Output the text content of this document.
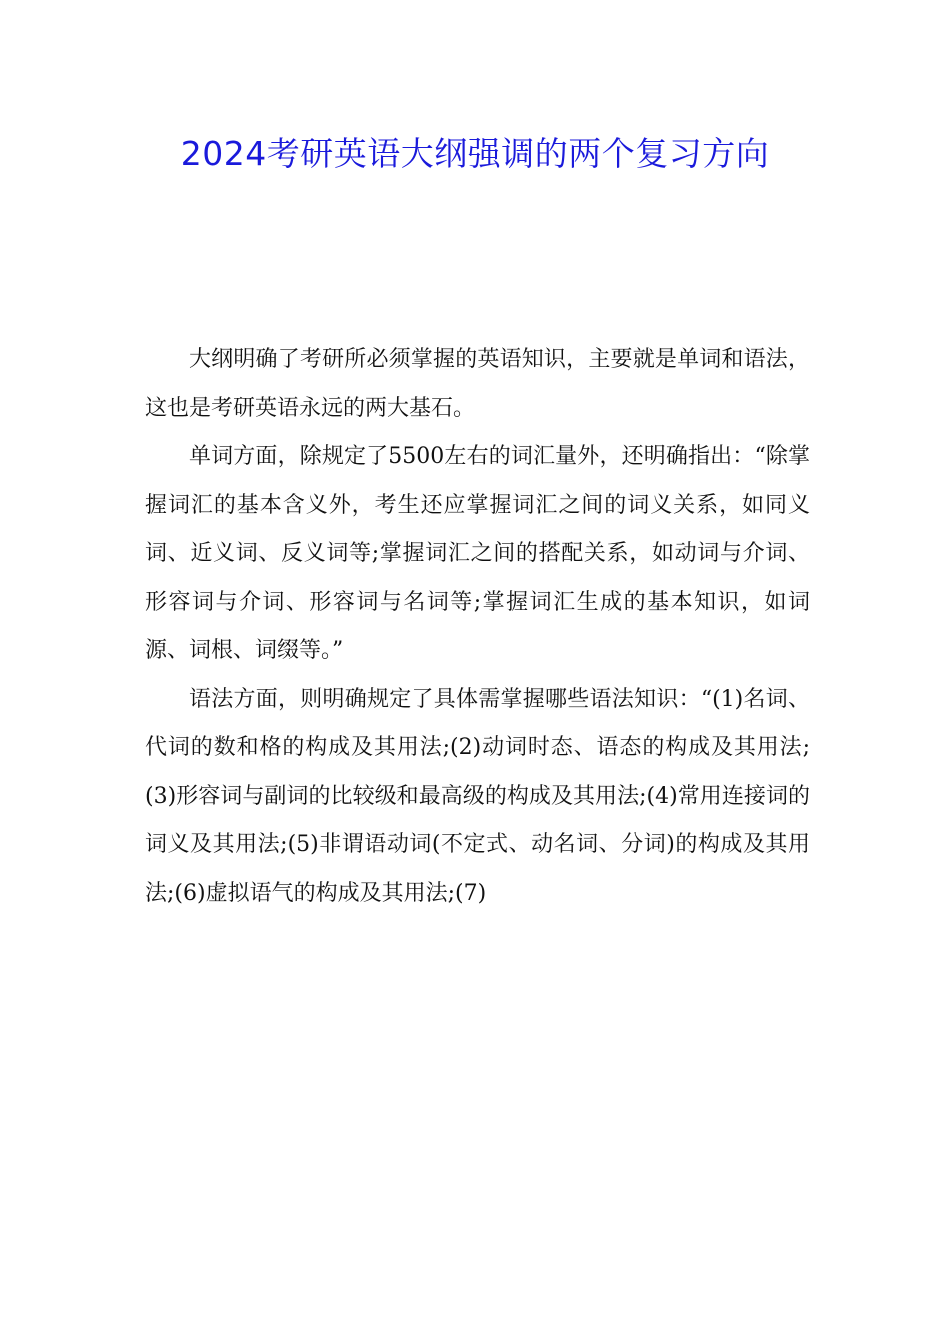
2024考研英语大纲强调的两个复习方向

大纲明确了考研所必须掌握的英语知识，主要就是单词和语法，这也是考研英语永远的两大基石。

单词方面，除规定了5500左右的词汇量外，还明确指出：“除掌握词汇的基本含义外，考生还应掌握词汇之间的词义关系，如同义词、近义词、反义词等;掌握词汇之间的搭配关系，如动词与介词、形容词与介词、形容词与名词等;掌握词汇生成的基本知识，如词源、词根、词缀等。”

语法方面，则明确规定了具体需掌握哪些语法知识：“(1)名词、代词的数和格的构成及其用法;(2)动词时态、语态的构成及其用法;(3)形容词与副词的比较级和最高级的构成及其用法;(4)常用连接词的词义及其用法;(5)非谓语动词(不定式、动名词、分词)的构成及其用法;(6)虚拟语气的构成及其用法;(7)
